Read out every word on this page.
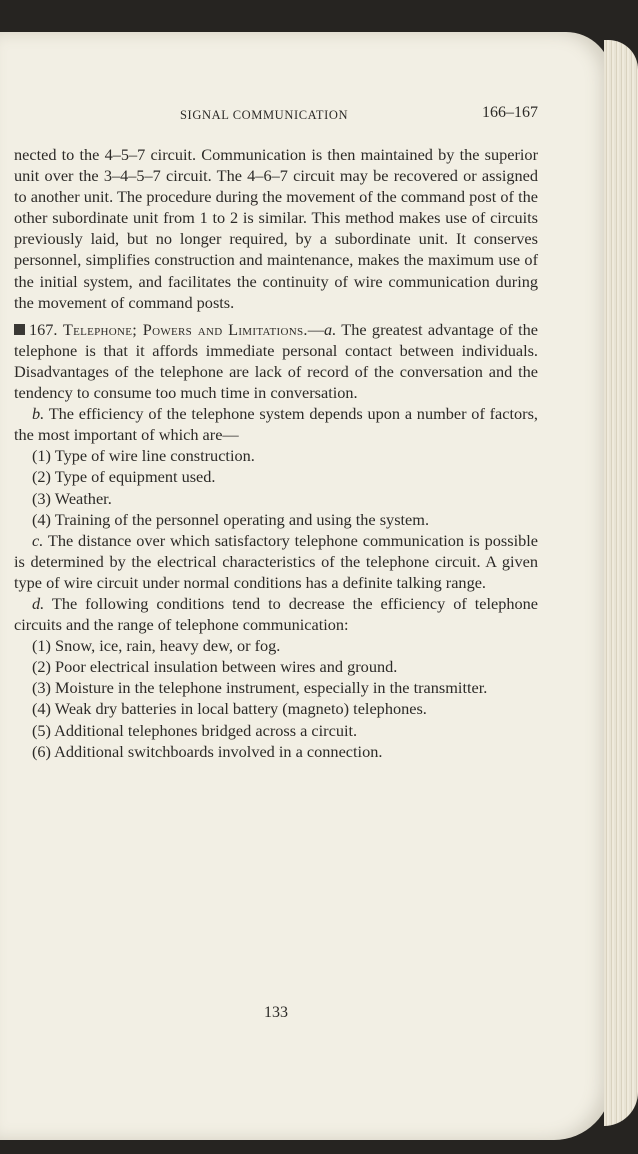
SIGNAL COMMUNICATION	166–167

nected to the 4–5–7 circuit. Communication is then maintained by the superior unit over the 3–4–5–7 circuit. The 4–6–7 circuit may be recovered or assigned to another unit. The procedure during the movement of the command post of the other subordinate unit from 1 to 2 is similar. This method makes use of circuits previously laid, but no longer required, by a subordinate unit. It conserves personnel, simplifies construction and maintenance, makes the maximum use of the initial system, and facilitates the continuity of wire communication during the movement of command posts.

167. Telephone; Powers and Limitations.—a. The greatest advantage of the telephone is that it affords immediate personal contact between individuals. Disadvantages of the telephone are lack of record of the conversation and the tendency to consume too much time in conversation.

b. The efficiency of the telephone system depends upon a number of factors, the most important of which are—

(1) Type of wire line construction.

(2) Type of equipment used.

(3) Weather.

(4) Training of the personnel operating and using the system.

c. The distance over which satisfactory telephone communication is possible is determined by the electrical characteristics of the telephone circuit. A given type of wire circuit under normal conditions has a definite talking range.

d. The following conditions tend to decrease the efficiency of telephone circuits and the range of telephone communication:

(1) Snow, ice, rain, heavy dew, or fog.

(2) Poor electrical insulation between wires and ground.

(3) Moisture in the telephone instrument, especially in the transmitter.

(4) Weak dry batteries in local battery (magneto) telephones.

(5) Additional telephones bridged across a circuit.

(6) Additional switchboards involved in a connection.

133
